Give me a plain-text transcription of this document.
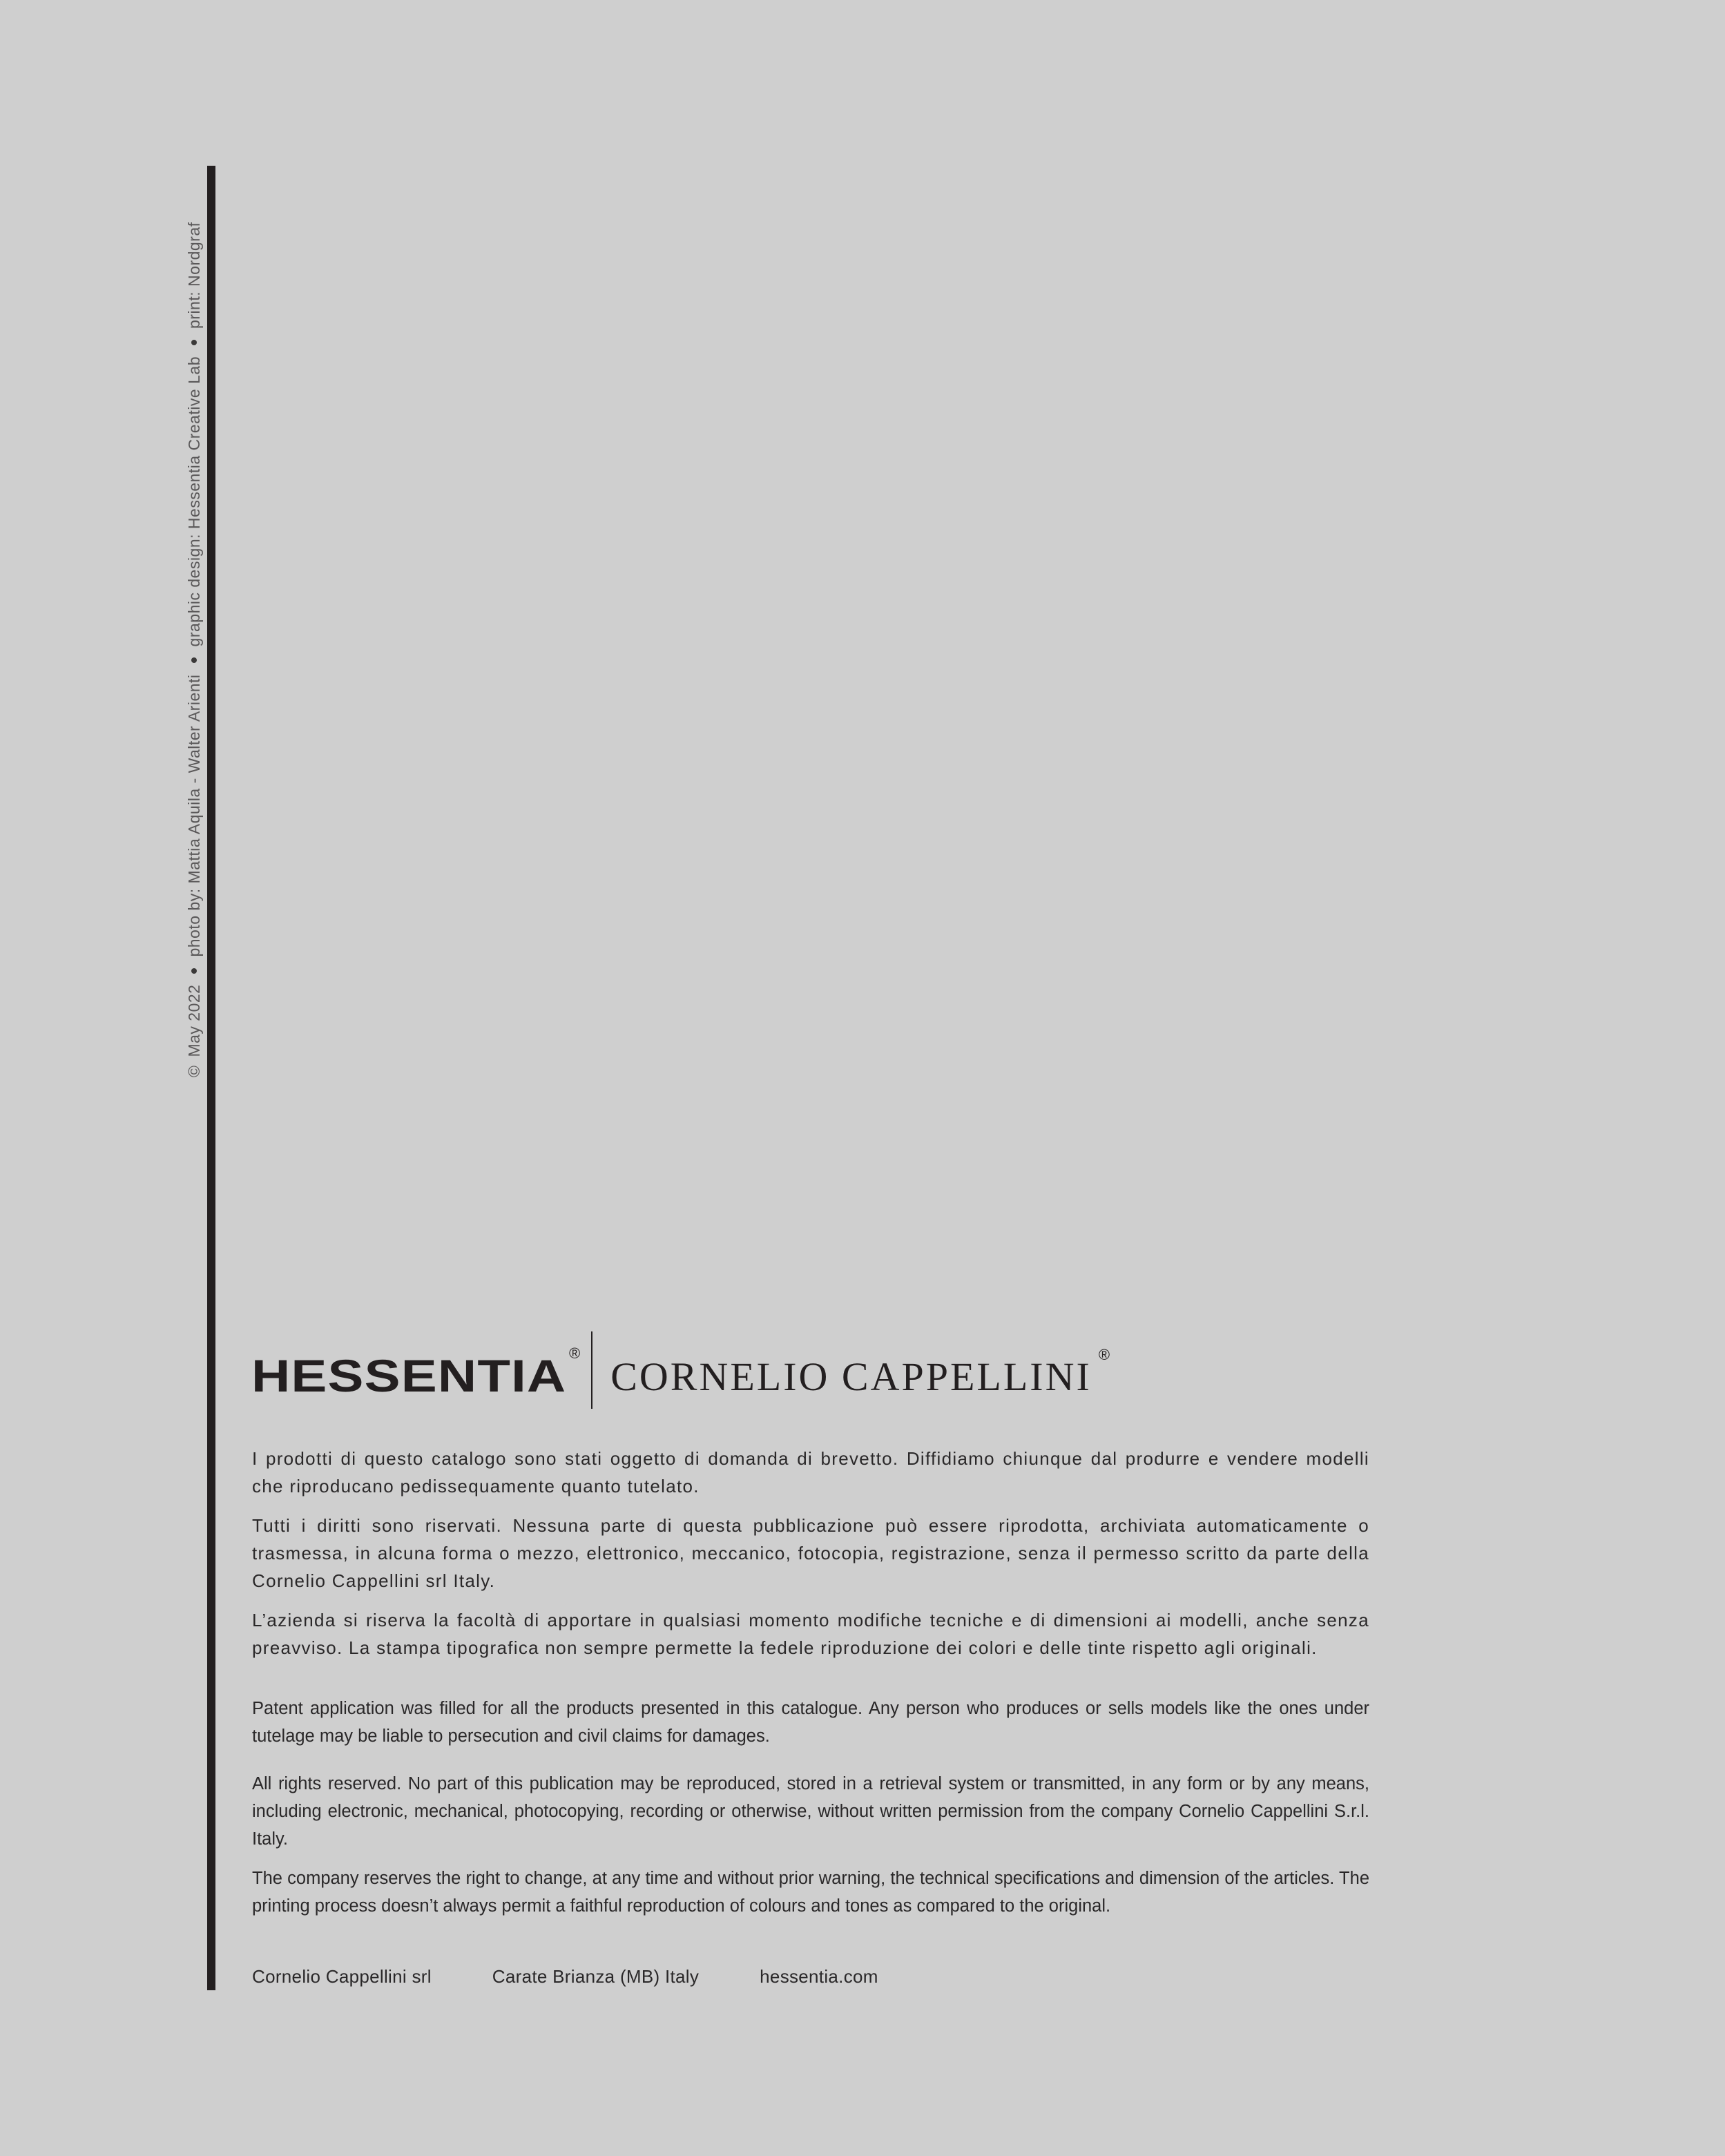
©
May 2022
photo by: Mattia Aquila - Walter Arienti
graphic design: Hessentia Creative Lab
print: Nordgraf
HESSENTIA ®
CORNELIO CAPPELLINI ®

I prodotti di questo catalogo sono stati oggetto di domanda di brevetto. Diffidiamo chiunque dal produrre e vendere modelli che riproducano pedissequamente quanto tutelato.

Tutti i diritti sono riservati. Nessuna parte di questa pubblicazione può essere riprodotta, archiviata automaticamente o trasmessa, in alcuna forma o mezzo, elettronico, meccanico, fotocopia, registrazione, senza il permesso scritto da parte della Cornelio Cappellini srl Italy.

L’azienda si riserva la facoltà di apportare in qualsiasi momento modifiche tecniche e di dimensioni ai modelli, anche senza preavviso. La stampa tipografica non sempre permette la fedele riproduzione dei colori e delle tinte rispetto agli originali.

Patent application was filled for all the products presented in this catalogue. Any person who produces or sells models like the ones under tutelage may be liable to persecution and civil claims for damages.

All rights reserved. No part of this publication may be reproduced, stored in a retrieval system or transmitted, in any form or by any means, including electronic, mechanical, photocopying, recording or otherwise, without written permission from the company Cornelio Cappellini S.r.l. Italy.

The company reserves the right to change, at any time and without prior warning, the technical specifications and dimension of the articles. The printing process doesn’t always permit a faithful reproduction of colours and tones as compared to the original.

Cornelio Cappellini srl	Carate Brianza (MB) Italy	hessentia.com
